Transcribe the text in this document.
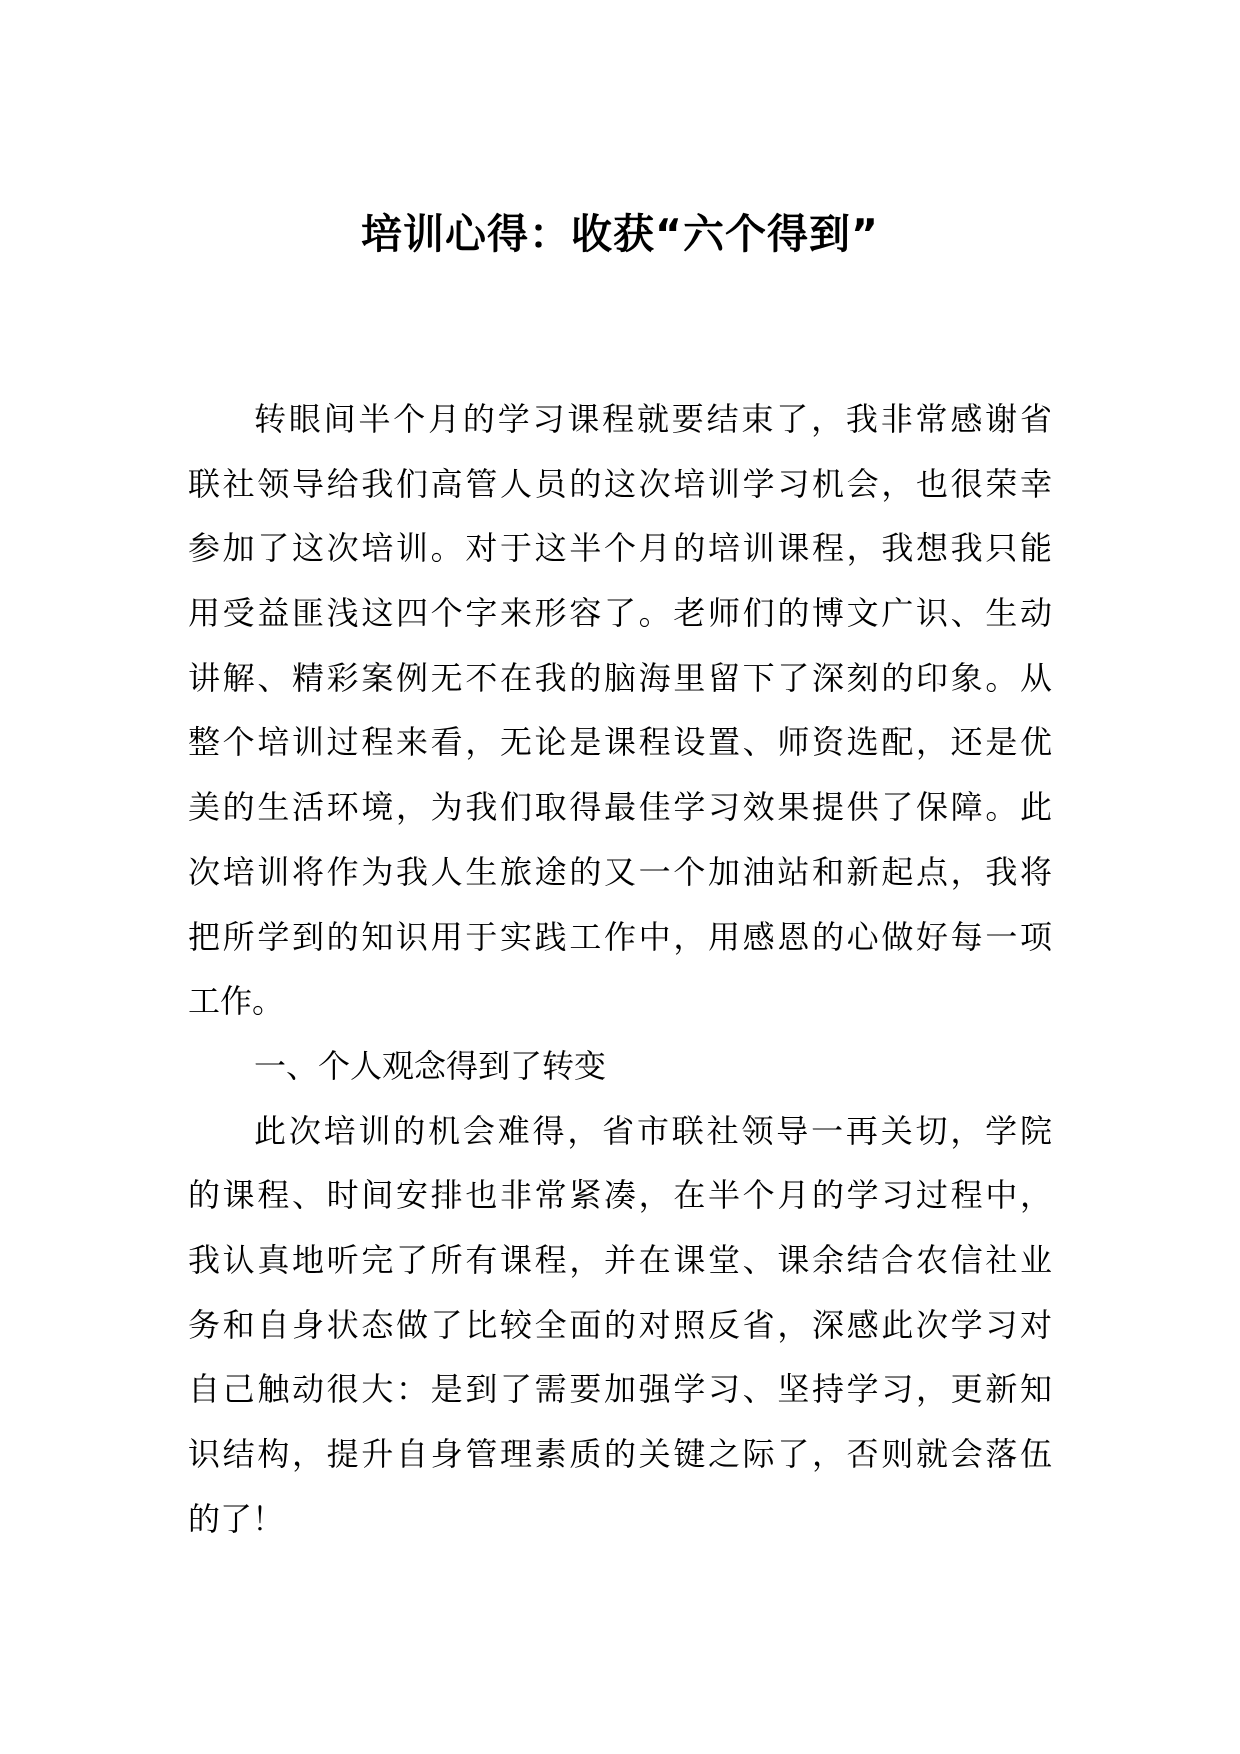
培训心得：收获“六个得到”
转眼间半个月的学习课程就要结束了，我非常感谢省
联社领导给我们高管人员的这次培训学习机会，也很荣幸
参加了这次培训。对于这半个月的培训课程，我想我只能
用受益匪浅这四个字来形容了。老师们的博文广识、生动
讲解、精彩案例无不在我的脑海里留下了深刻的印象。从
整个培训过程来看，无论是课程设置、师资选配，还是优
美的生活环境，为我们取得最佳学习效果提供了保障。此
次培训将作为我人生旅途的又一个加油站和新起点，我将
把所学到的知识用于实践工作中，用感恩的心做好每一项
工作。
一、个人观念得到了转变
此次培训的机会难得，省市联社领导一再关切，学院
的课程、时间安排也非常紧凑，在半个月的学习过程中，
我认真地听完了所有课程，并在课堂、课余结合农信社业
务和自身状态做了比较全面的对照反省，深感此次学习对
自己触动很大：是到了需要加强学习、坚持学习，更新知
识结构，提升自身管理素质的关键之际了，否则就会落伍
的了！
